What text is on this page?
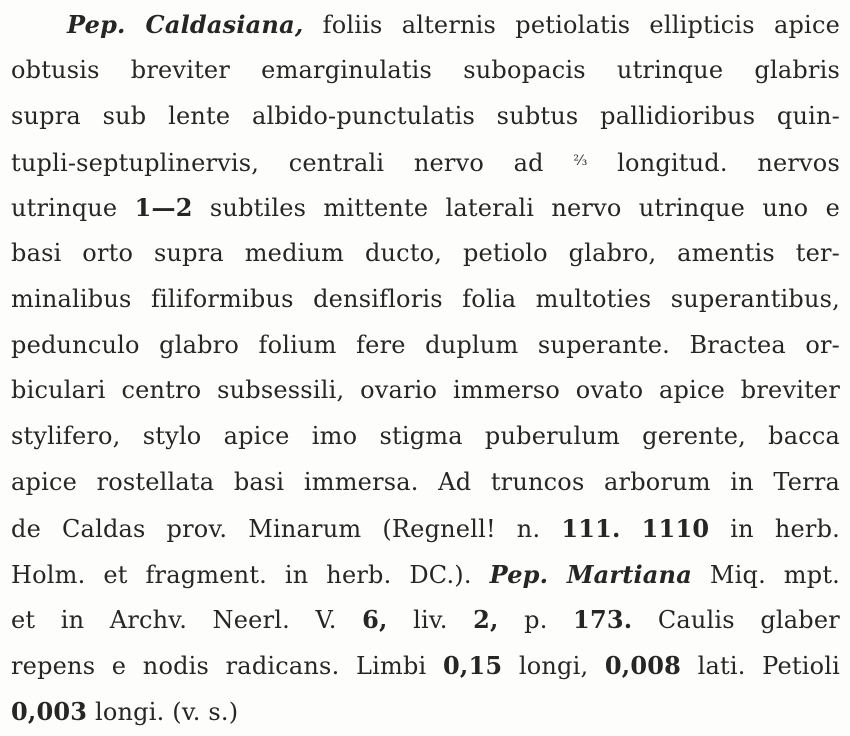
Pep. Caldasiana, foliis alternis petiolatis ellipticis apice
obtusis breviter emarginulatis subopacis utrinque glabris
supra sub lente albido-punctulatis subtus pallidioribus quin-
tupli-septuplinervis, centrali nervo ad $^{^2⁄_3}$ longitud. nervos
utrinque 1—2 subtiles mittente laterali nervo utrinque uno e
basi orto supra medium ducto, petiolo glabro, amentis ter-
minalibus filiformibus densifloris folia multoties superantibus,
pedunculo glabro folium fere duplum superante. Bractea or-
biculari centro subsessili, ovario immerso ovato apice breviter
stylifero, stylo apice imo stigma puberulum gerente, bacca
apice rostellata basi immersa. Ad truncos arborum in Terra
de Caldas prov. Minarum (Regnell! n. 111. 1110 in herb.
Holm. et fragment. in herb. DC.). Pep. Martiana Miq. mpt.
et in Archv. Neerl. V. 6, liv. 2, p. 173. Caulis glaber
repens e nodis radicans. Limbi 0,15 longi, 0,008 lati. Petioli
0,003 longi. (v. s.)
